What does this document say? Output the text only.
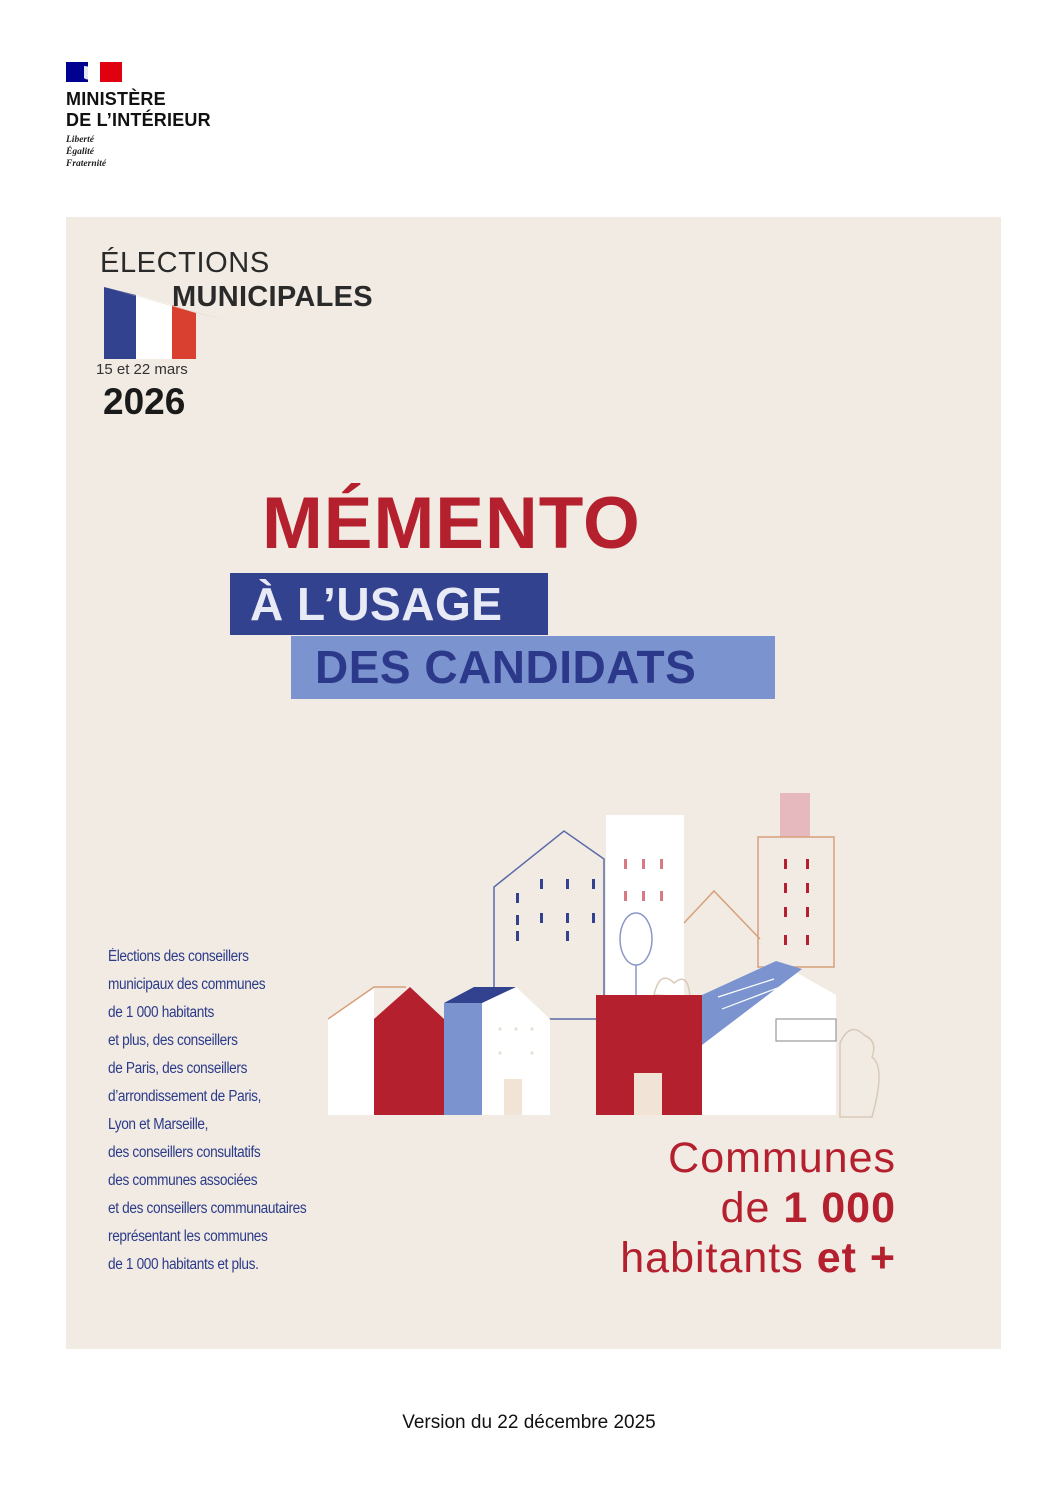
MINISTÈRE
DE L’INTÉRIEUR
Liberté
Égalité
Fraternité
ÉLECTIONS
MUNICIPALES
15 et 22 mars
2026
MÉMENTO
À L’USAGE
DES CANDIDATS
Élections des conseillers
municipaux des communes
de 1 000 habitants
et plus, des conseillers
de Paris, des conseillers
d’arrondissement de Paris,
Lyon et Marseille,
des conseillers consultatifs
des communes associées
et des conseillers communautaires
représentant les communes
de 1 000 habitants et plus.
Communes
de 1 000
habitants et +
Version du 22 décembre 2025
